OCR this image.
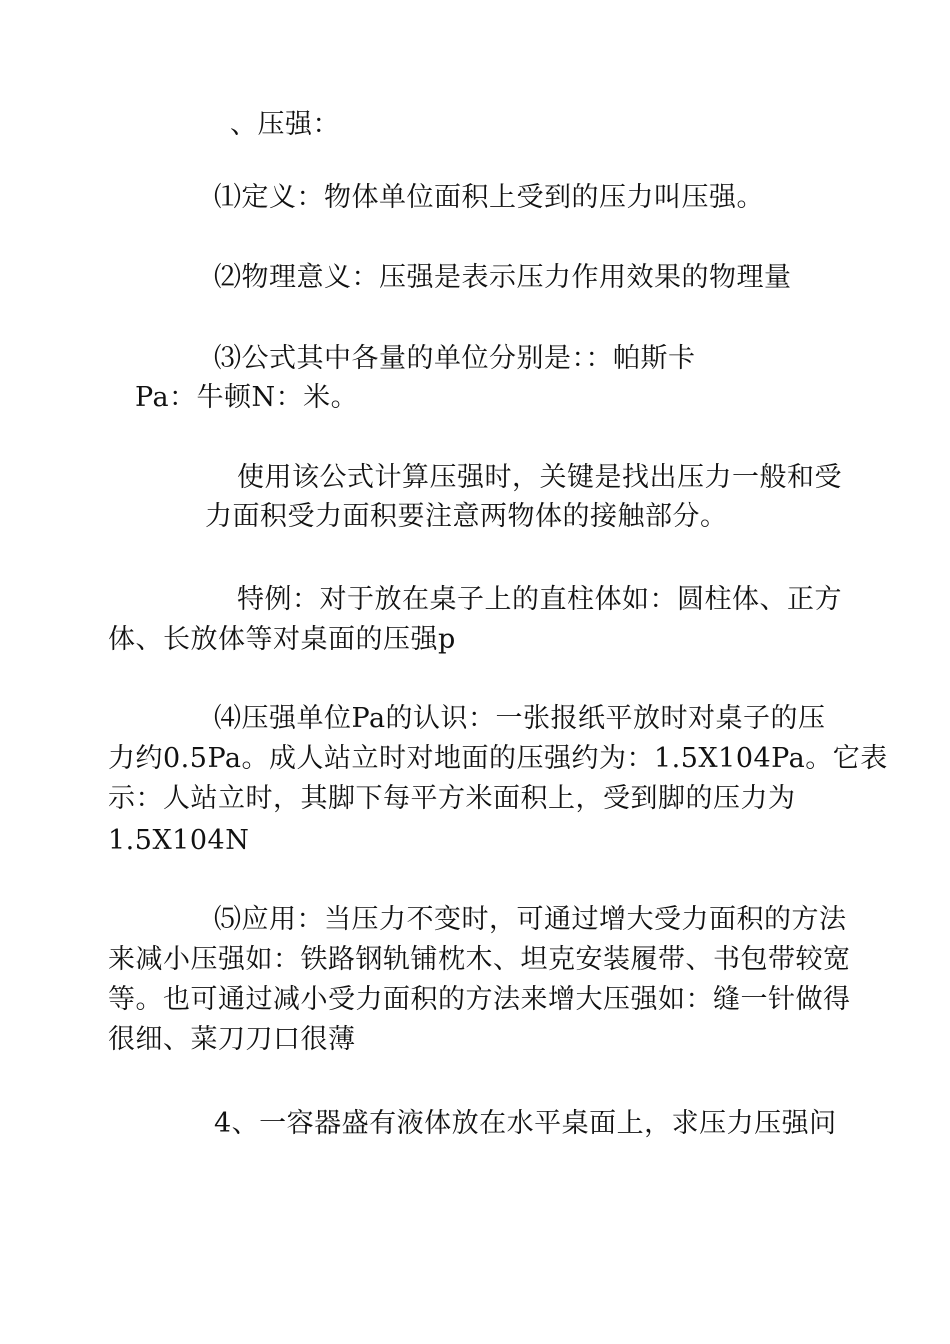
、压强：
⑴定义：物体单位面积上受到的压力叫压强。
⑵物理意义：压强是表示压力作用效果的物理量
⑶公式其中各量的单位分别是：：帕斯卡
Pa：牛顿N：米。
使用该公式计算压强时，关键是找出压力一般和受
力面积受力面积要注意两物体的接触部分。
特例：对于放在桌子上的直柱体如：圆柱体、正方
体、长放体等对桌面的压强p
⑷压强单位Pa的认识：一张报纸平放时对桌子的压
力约0.5Pa。成人站立时对地面的压强约为：1.5X104Pa。它表
示：人站立时，其脚下每平方米面积上，受到脚的压力为
1.5X104N
⑸应用：当压力不变时，可通过增大受力面积的方法
来减小压强如：铁路钢轨铺枕木、坦克安装履带、书包带较宽
等。也可通过减小受力面积的方法来增大压强如：缝一针做得
很细、菜刀刀口很薄
4、一容器盛有液体放在水平桌面上，求压力压强问
